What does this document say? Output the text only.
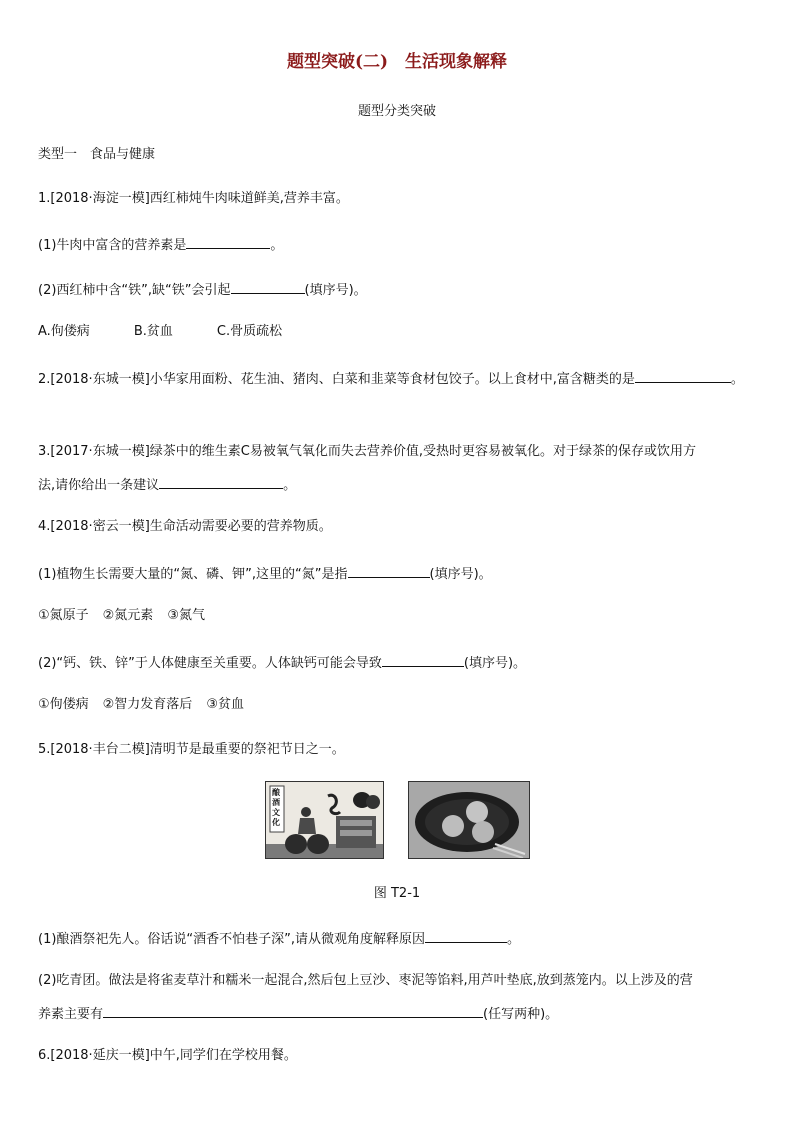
题型突破(二)　生活现象解释
题型分类突破
类型一　食品与健康
1.[2018·海淀一模]西红柿炖牛肉味道鲜美,营养丰富。
(1)牛肉中富含的营养素是	。
(2)西红柿中含“铁”,缺“铁”会引起	(填序号)。
A.佝偻病	B.贫血	C.骨质疏松
2.[2018·东城一模]小华家用面粉、花生油、猪肉、白菜和韭菜等食材包饺子。以上食材中,富含糖类的是	。
3.[2017·东城一模]绿茶中的维生素C易被氧气氧化而失去营养价值,受热时更容易被氧化。对于绿茶的保存或饮用方
法,请你给出一条建议	。
4.[2018·密云一模]生命活动需要必要的营养物质。
(1)植物生长需要大量的“氮、磷、钾”,这里的“氮”是指	(填序号)。
①氮原子 ②氮元素 ③氮气
(2)“钙、铁、锌”于人体健康至关重要。人体缺钙可能会导致	(填序号)。
①佝偻病 ②智力发育落后 ③贫血
5.[2018·丰台二模]清明节是最重要的祭祀节日之一。
酿酒文化
图 T2-1
(1)酿酒祭祀先人。俗话说“酒香不怕巷子深”,请从微观角度解释原因	。
(2)吃青团。做法是将雀麦草汁和糯米一起混合,然后包上豆沙、枣泥等馅料,用芦叶垫底,放到蒸笼内。以上涉及的营
养素主要有	(任写两种)。
6.[2018·延庆一模]中午,同学们在学校用餐。
